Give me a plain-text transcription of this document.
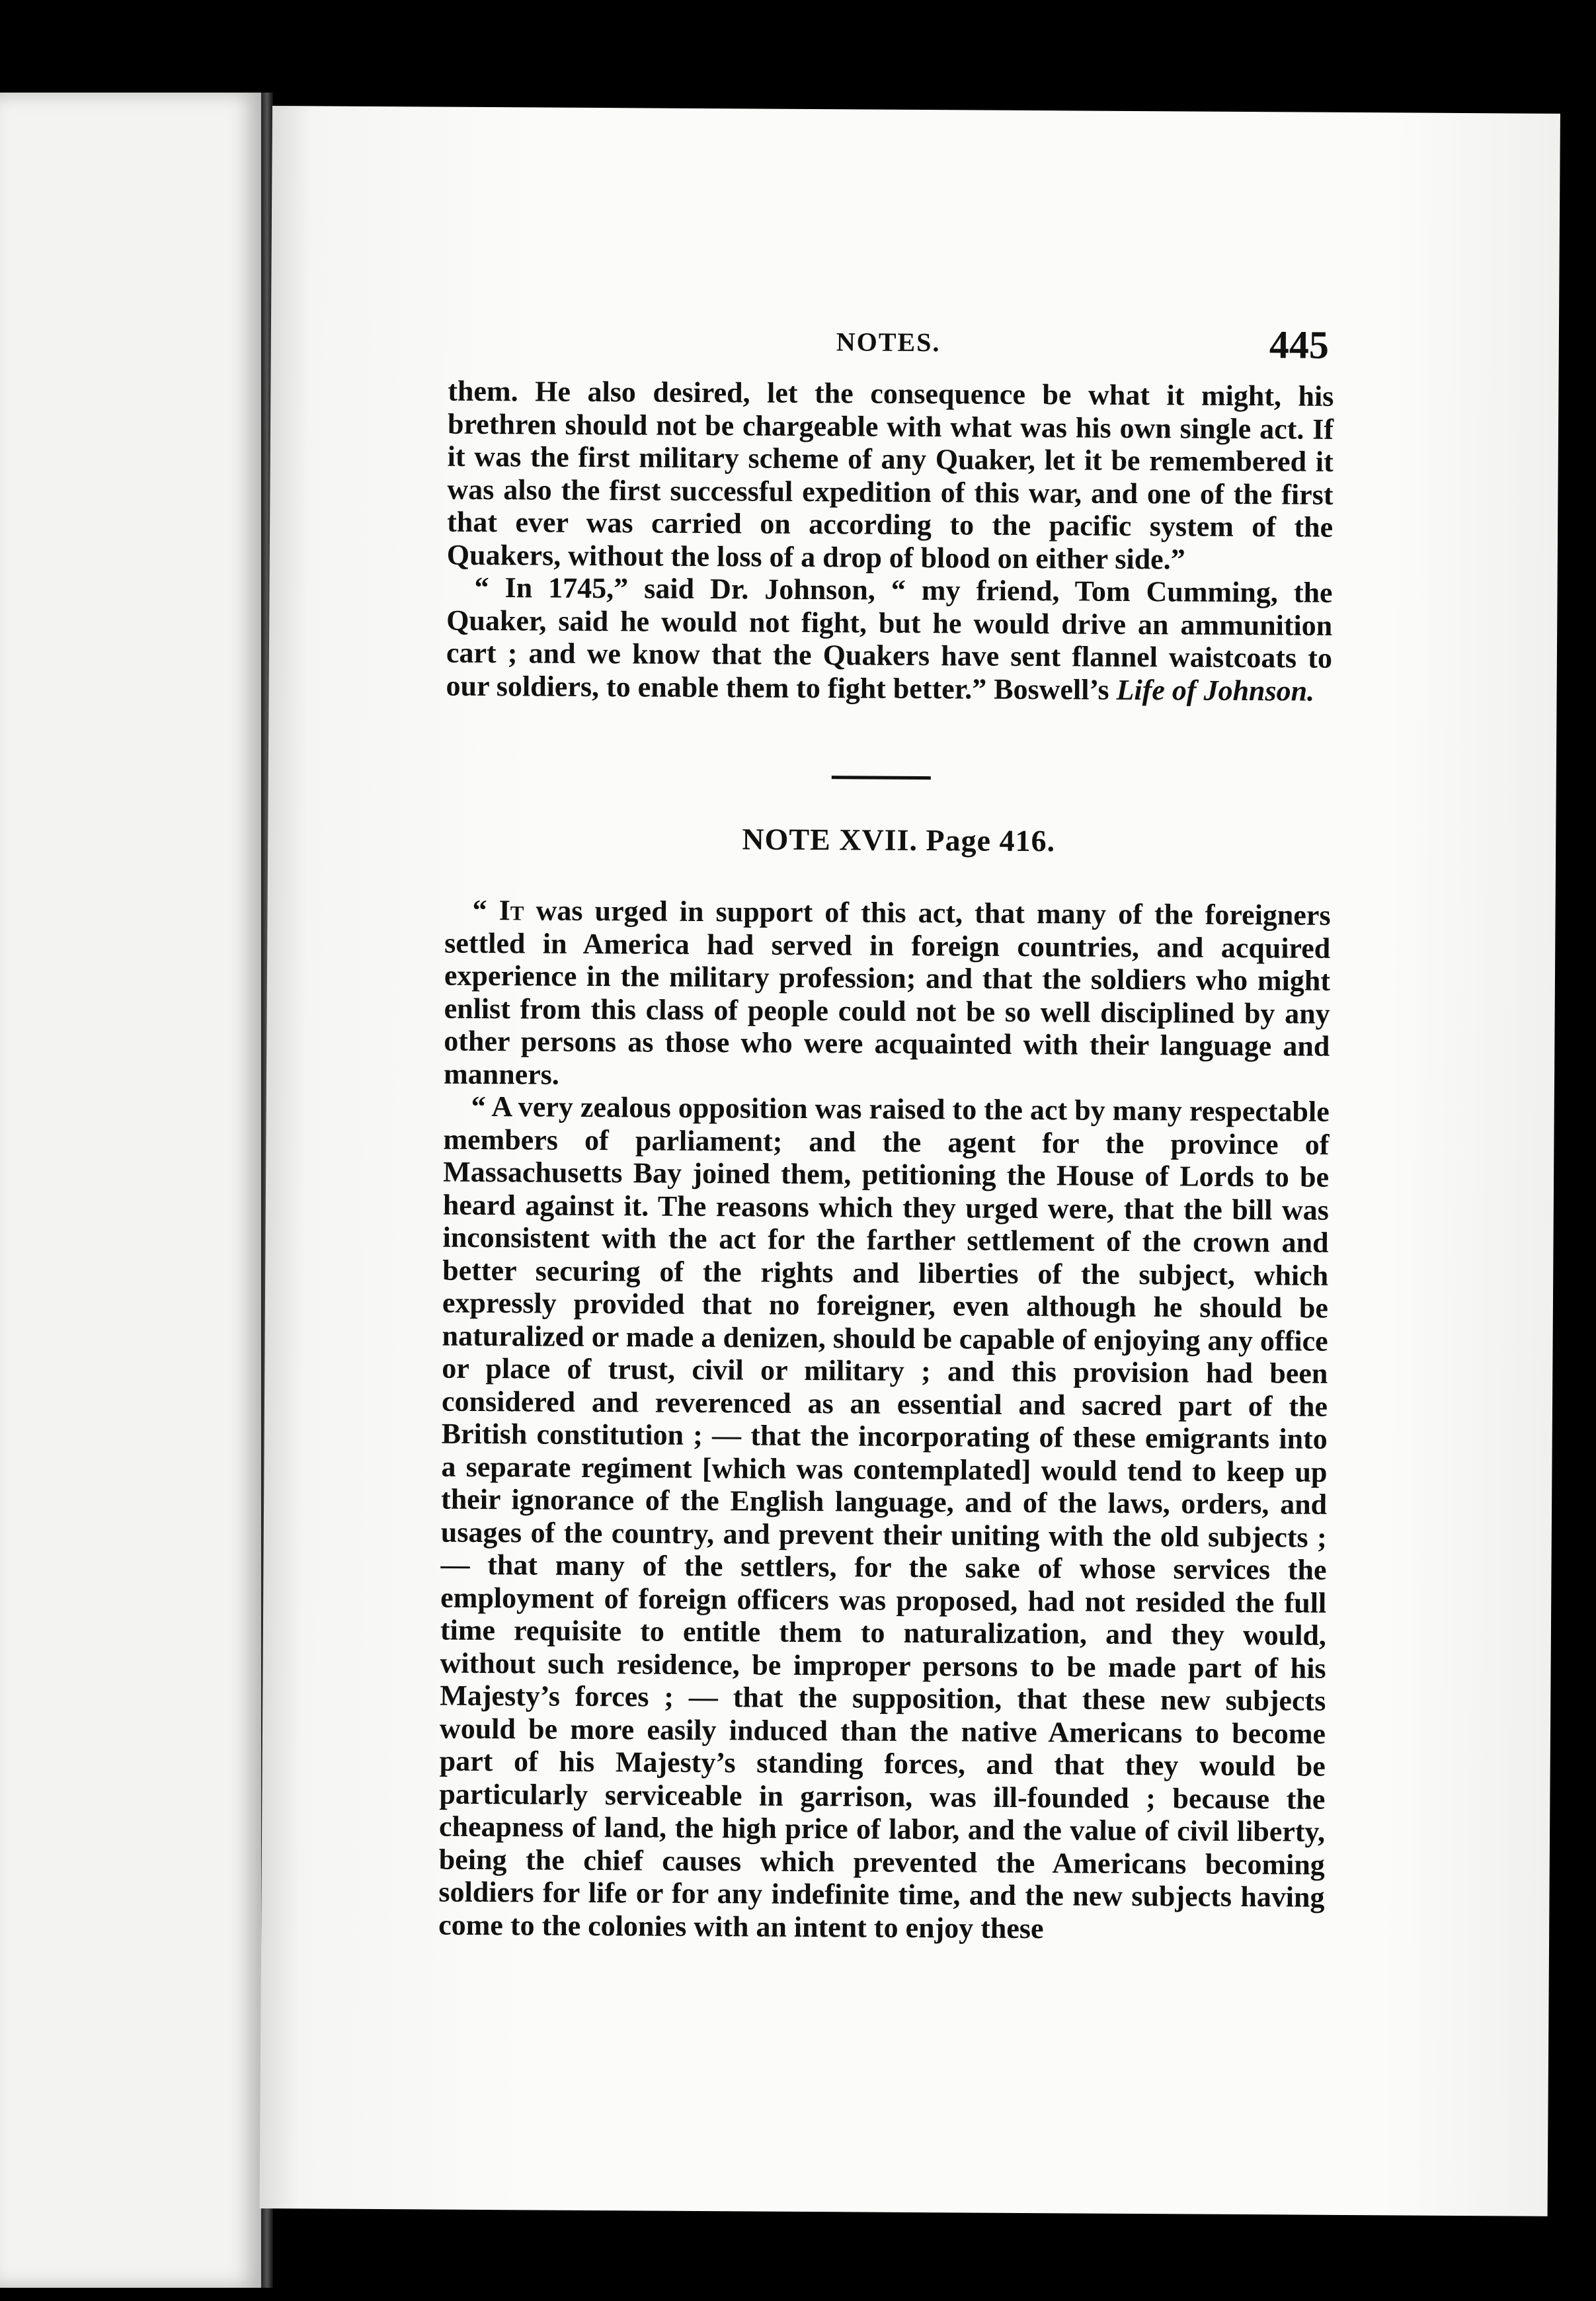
NOTES.	445

them. He also desired, let the consequence be what it might, his brethren should not be chargeable with what was his own single act. If it was the first military scheme of any Quaker, let it be remembered it was also the first successful expedition of this war, and one of the first that ever was carried on according to the pacific system of the Quakers, without the loss of a drop of blood on either side.”

“ In 1745,” said Dr. Johnson, “ my friend, Tom Cumming, the Quaker, said he would not fight, but he would drive an ammunition cart ; and we know that the Quakers have sent flannel waistcoats to our soldiers, to enable them to fight better.” Boswell’s Life of Johnson.

NOTE XVII. Page 416.

“ It was urged in support of this act, that many of the foreigners settled in America had served in foreign countries, and acquired experience in the military profession; and that the soldiers who might enlist from this class of people could not be so well disciplined by any other persons as those who were acquainted with their language and manners.

“ A very zealous opposition was raised to the act by many respectable members of parliament; and the agent for the province of Massachusetts Bay joined them, petitioning the House of Lords to be heard against it. The reasons which they urged were, that the bill was inconsistent with the act for the farther settlement of the crown and better securing of the rights and liberties of the subject, which expressly provided that no foreigner, even although he should be naturalized or made a denizen, should be capable of enjoying any office or place of trust, civil or military ; and this provision had been considered and reverenced as an essential and sacred part of the British constitution ; — that the incorporating of these emigrants into a separate regiment [which was contemplated] would tend to keep up their ignorance of the English language, and of the laws, orders, and usages of the country, and prevent their uniting with the old subjects ; — that many of the settlers, for the sake of whose services the employment of foreign officers was proposed, had not resided the full time requisite to entitle them to naturalization, and they would, without such residence, be improper persons to be made part of his Majesty’s forces ; — that the supposition, that these new subjects would be more easily induced than the native Americans to become part of his Majesty’s standing forces, and that they would be particularly serviceable in garrison, was ill-founded ; because the cheapness of land, the high price of labor, and the value of civil liberty, being the chief causes which prevented the Americans becoming soldiers for life or for any indefinite time, and the new subjects having come to the colonies with an intent to enjoy these
